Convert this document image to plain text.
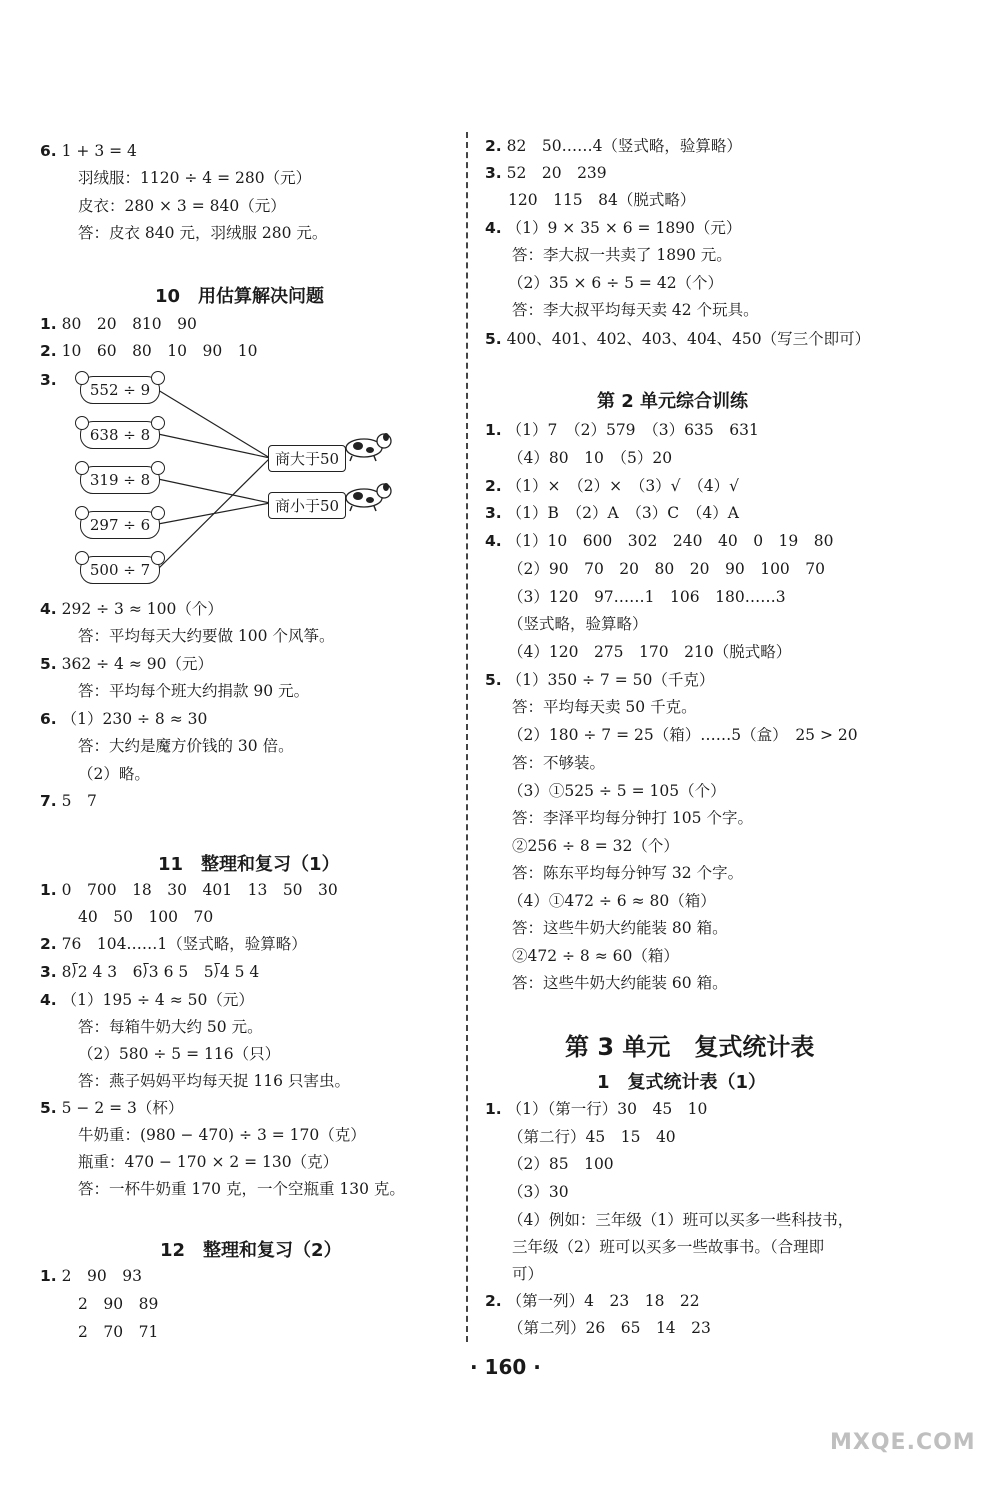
6. 1 + 3 = 4
羽绒服：1120 ÷ 4 = 280（元）
皮衣：280 × 3 = 840（元）
答：皮衣 840 元，羽绒服 280 元。
10　用估算解决问题
1. 80　20　810　90
2. 10　60　80　10　90　10
3.
552 ÷ 9
638 ÷ 8
319 ÷ 8
297 ÷ 6
500 ÷ 7
商大于50
商小于50
4. 292 ÷ 3 ≈ 100（个）
答：平均每天大约要做 100 个风筝。
5. 362 ÷ 4 ≈ 90（元）
答：平均每个班大约捐款 90 元。
6. （1）230 ÷ 8 ≈ 30
答：大约是魔方价钱的 30 倍。
（2）略。
7. 5　7
11　整理和复习（1）
1. 0　700　18　30　401　13　50　30
40　50　100　70
2. 76　104……1（竖式略，验算略）
3. 8⟌2 4 3　6⟌3 6 5　5⟌4 5 4
4. （1）195 ÷ 4 ≈ 50（元）
答：每箱牛奶大约 50 元。
（2）580 ÷ 5 = 116（只）
答：燕子妈妈平均每天捉 116 只害虫。
5. 5 − 2 = 3（杯）
牛奶重：(980 − 470) ÷ 3 = 170（克）
瓶重：470 − 170 × 2 = 130（克）
答：一杯牛奶重 170 克，一个空瓶重 130 克。
12　整理和复习（2）
1. 2　90　93
2　90　89
2　70　71
2. 82　50……4（竖式略，验算略）
3. 52　20　239
120　115　84（脱式略）
4. （1）9 × 35 × 6 = 1890（元）
答：李大叔一共卖了 1890 元。
（2）35 × 6 ÷ 5 = 42（个）
答：李大叔平均每天卖 42 个玩具。
5. 400、401、402、403、404、450（写三个即可）
第 2 单元综合训练
1. （1）7　（2）579　（3）635　631
（4）80　10　（5）20
2. （1）×　（2）×　（3）√　（4）√
3. （1）B　（2）A　（3）C　（4）A
4. （1）10　600　302　240　40　0　19　80
（2）90　70　20　80　20　90　100　70
（3）120　97……1　106　180……3
（竖式略，验算略）
（4）120　275　170　210（脱式略）
5. （1）350 ÷ 7 = 50（千克）
答：平均每天卖 50 千克。
（2）180 ÷ 7 = 25（箱）……5（盒）　25 > 20
答：不够装。
（3）①525 ÷ 5 = 105（个）
答：李泽平均每分钟打 105 个字。
②256 ÷ 8 = 32（个）
答：陈东平均每分钟写 32 个字。
（4）①472 ÷ 6 ≈ 80（箱）
答：这些牛奶大约能装 80 箱。
②472 ÷ 8 ≈ 60（箱）
答：这些牛奶大约能装 60 箱。
第 3 单元　复式统计表
1　复式统计表（1）
1. （1）（第一行）30　45　10
（第二行）45　15　40
（2）85　100
（3）30
（4）例如：三年级（1）班可以买多一些科技书，
三年级（2）班可以买多一些故事书。（合理即
可）
2. （第一列）4　23　18　22
（第二列）26　65　14　23
· 160 ·
MXQE.COM
